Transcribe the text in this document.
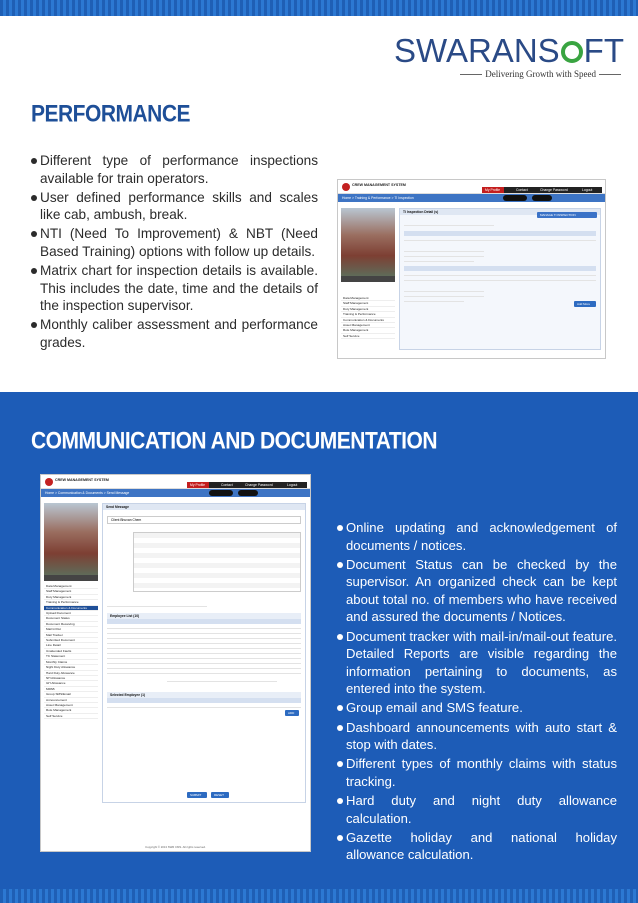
SWARANS FT
Delivering Growth with Speed
PERFORMANCE
Different type of performance inspections available for train operators.
User defined performance skills and scales like cab, ambush, break.
NTI (Need To Improvement) & NBT (Need Based Training) options with follow up details.
Matrix chart for inspection details is available. This includes the date, time and the details of the inspection supervisor.
Monthly caliber assessment and performance grades.
CREW MANAGEMENT SYSTEM
My Profile	Contact	Change Password	Logout
Home > Training & Performance > TI Inspection
Data Management
Staff Management
Duty Management
Training & Performance
Communication & Documents
Asset Management
Role Management
Self Service
TI Inspection Detail (s)
MANAGE TI INSPECTION
Add More
COMMUNICATION AND DOCUMENTATION
CREW MANAGEMENT SYSTEM
My Profile	Contact	Change Password	Logout
Home > Communication & Documents > Send Message
Data Management
Staff Management
Duty Management
Training & Performance
Communication & Documents
Upload Document
Document Status
Document Receiving
Mail In/Out
Mail Tracker
Submitted Document
Line Detail
Unattended Faults
TC Statement
Monthly Claims
Night Duty Allowance
Hard Duty Allowance
NH Allowance
GH Allowance
MPAB
Group SMS/Email
Announcement
Asset Management
Role Management
Self Service
Send Message
Client Bhuvan Chem
Employee List (10)
Selected Employee (1)
ADD
SUBMIT	RESET
Copyright © 2013 SWR CMS. All rights reserved.
Online updating and acknowledgement of documents / notices.
Document Status can be checked by the supervisor. An organized check can be kept about total no. of members who have received and assured the documents / Notices.
Document tracker with mail-in/mail-out feature. Detailed Reports are visible regarding the information pertaining to documents, as entered into the system.
Group email and SMS feature.
Dashboard announcements with auto start & stop with dates.
Different types of monthly claims with status tracking.
Hard duty and night duty allowance calculation.
Gazette holiday and national holiday allowance calculation.
